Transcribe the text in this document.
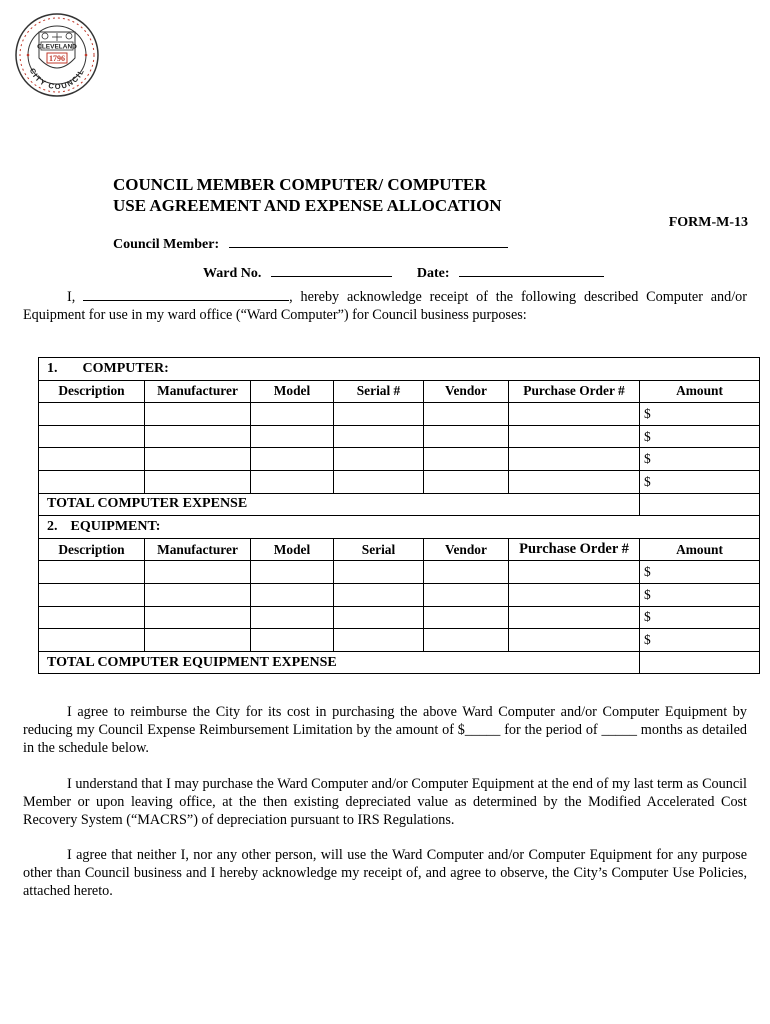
CLEVELAND
1796
CITY COUNCIL
COUNCIL MEMBER COMPUTER/ COMPUTER
USE AGREEMENT AND EXPENSE ALLOCATION
FORM-M-13
Council Member:
Ward No.	Date:
I,	, hereby acknowledge receipt of the following described Computer and/or Equipment for use in my ward office (“Ward Computer”) for Council business purposes:
1. COMPUTER:						
Description	Manufacturer	Model	Serial #	Vendor	Purchase Order #	Amount
						$
						$
						$
						$
TOTAL COMPUTER EXPENSE						
2. EQUIPMENT:						
Description	Manufacturer	Model	Serial	Vendor	Purchase Order #	Amount
						$
						$
						$
						$
TOTAL COMPUTER EQUIPMENT EXPENSE						
I agree to reimburse the City for its cost in purchasing the above Ward Computer and/or Computer Equipment by reducing my Council Expense Reimbursement Limitation by the amount of $_____ for the period of _____ months as detailed in the schedule below.
I understand that I may purchase the Ward Computer and/or Computer Equipment at the end of my last term as Council Member or upon leaving office, at the then existing depreciated value as determined by the Modified Accelerated Cost Recovery System (“MACRS”) of depreciation pursuant to IRS Regulations.
I agree that neither I, nor any other person, will use the Ward Computer and/or Computer Equipment for any purpose other than Council business and I hereby acknowledge my receipt of, and agree to observe, the City’s Computer Use Policies, attached hereto.
